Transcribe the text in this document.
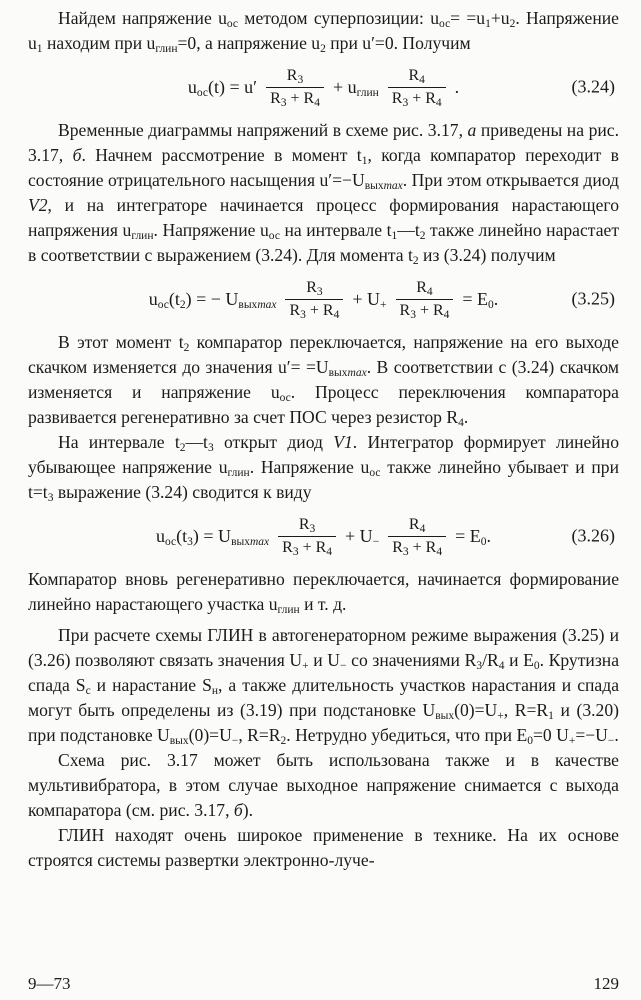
Найдем напряжение $u_{ос}$ методом суперпозиции: $u_{ос}= =u_1+u_2$. Напряжение $u_1$ находим при $u_{глин}=0$, а напряжение $u_2$ при u′=0. Получим

$u_{ос}(t) = u' \frac{R_3}{R_3 + R_4} + u_{глин} \frac{R_4}{R_3 + R_4}$ .	(3.24)

Временные диаграммы напряжений в схеме рис. 3.17, а приведены на рис. 3.17, б. Начнем рассмотрение в момент $t_1$, когда компаратор переходит в состояние отрицательного насыщения $u'=-U_{выхmax}$. При этом открывается диод V2, и на интеграторе начинается процесс формирования нарастающего напряжения $u_{глин}$. Напряжение $u_{ос}$ на интервале $t_1—t_2$ также линейно нарастает в соответствии с выражением (3.24). Для момента $t_2$ из (3.24) получим

$u_{ос}(t_2)$ = − $U_{выхmax} \frac{R_3}{R_3 + R_4} + U_+ \frac{R_4}{R_3 + R_4} = E_0$.	(3.25)

В этот момент $t_2$ компаратор переключается, напряжение на его выходе скачком изменяется до значения $u'= =U_{выхmax}$. В соответствии с (3.24) скачком изменяется и напряжение $u_{ос}$. Процесс переключения компаратора развивается регенеративно за счет ПОС через резистор $R_4$.

На интервале $t_2—t_3$ открыт диод V1. Интегратор формирует линейно убывающее напряжение $u_{глин}$. Напряжение $u_{ос}$ также линейно убывает и при $t=t_3$ выражение (3.24) сводится к виду

$u_{ос}(t_3) = U_{выхmax} \frac{R_3}{R_3 + R_4} + U_- \frac{R_4}{R_3 + R_4} = E_0$.	(3.26)

Компаратор вновь регенеративно переключается, начинается формирование линейно нарастающего участка $u_{глин}$ и т. д.

При расчете схемы ГЛИН в автогенераторном режиме выражения (3.25) и (3.26) позволяют связать значения $U_+$ и $U_-$ со значениями $R_3/R_4$ и $E_0$. Крутизна спада $S_c$ и нарастание $S_н$, а также длительность участков нарастания и спада могут быть определены из (3.19) при подстановке $U_{вых}(0)=U_+$, $R=R_1$ и (3.20) при подстановке $U_{вых}(0)=U_-$, $R=R_2$. Нетрудно убедиться, что при $E_0=0$ $U_+=-U_-$.

Схема рис. 3.17 может быть использована также и в качестве мультивибратора, в этом случае выходное напряжение снимается с выхода компаратора (см. рис. 3.17, б).

ГЛИН находят очень широкое применение в технике. На их основе строятся системы развертки электронно-луче-

9—73	129
